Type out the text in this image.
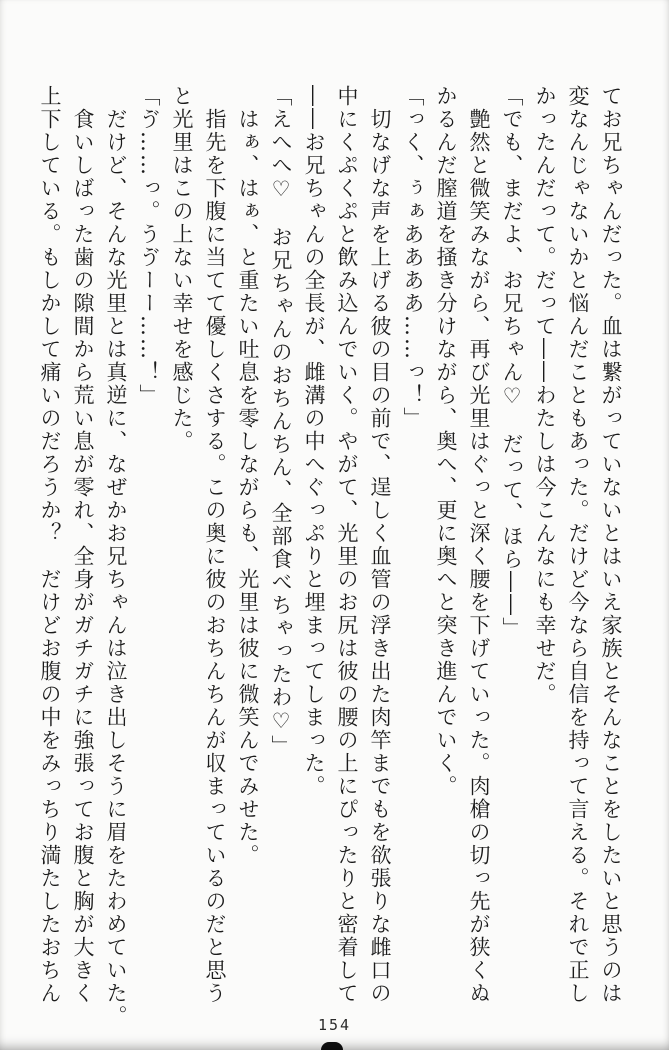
てお兄ちゃんだった。血は繋がっていないとはいえ家族とそんなことをしたいと思うのは
変なんじゃないかと悩んだこともあった。だけど今なら自信を持って言える。それで正し
かったんだって。だって――わたしは今こんなにも幸せだ。
「でも、まだよ、お兄ちゃん♡　だって、ほら――」
　艶然と微笑みながら、再び光里はぐっと深く腰を下げていった。肉槍の切っ先が狭くぬ
かるんだ膣道を掻き分けながら、奥へ、更に奥へと突き進んでいく。
「っく、ぅぁああああ……っ！」
　切なげな声を上げる彼の目の前で、逞しく血管の浮き出た肉竿までもを欲張りな雌口の
中にくぷくぷと飲み込んでいく。やがて、光里のお尻は彼の腰の上にぴったりと密着して
――お兄ちゃんの全長が、雌溝の中へぐっぷりと埋まってしまった。
「えへへ♡　お兄ちゃんのおちんちん、全部食べちゃったわ♡」
　はぁ、はぁ、と重たい吐息を零しながらも、光里は彼に微笑んでみせた。
　指先を下腹に当てて優しくさする。この奥に彼のおちんちんが収まっているのだと思う
と光里はこの上ない幸せを感じた。
「ゔ……っ。うゔーー……！」
　だけど、そんな光里とは真逆に、なぜかお兄ちゃんは泣き出しそうに眉をたわめていた。
　食いしばった歯の隙間から荒い息が零れ、全身がガチガチに強張ってお腹と胸が大きく
上下している。もしかして痛いのだろうか？　だけどお腹の中をみっちり満たしたおちん
154
